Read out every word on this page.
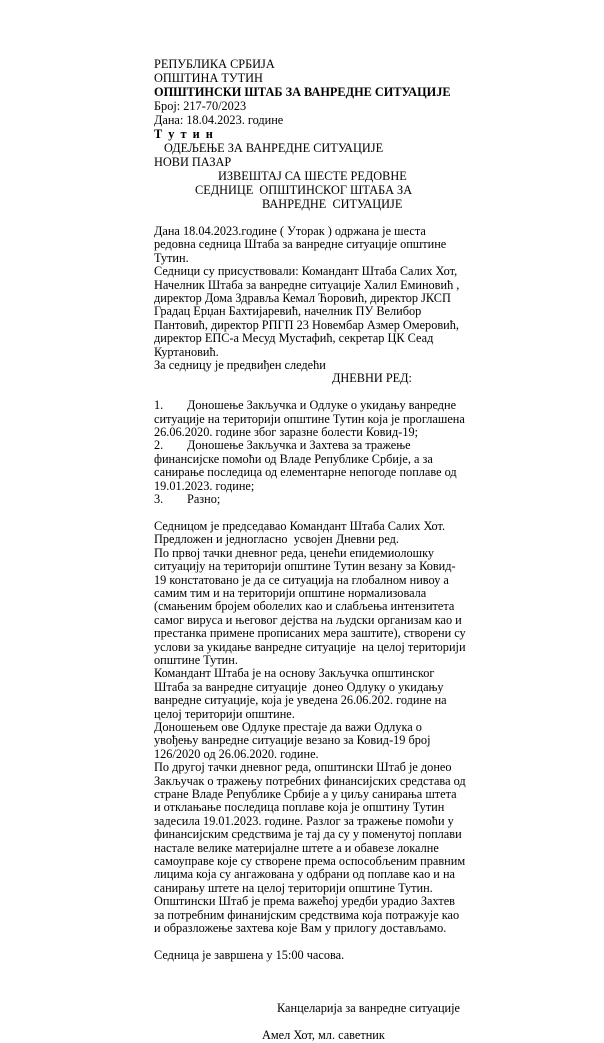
РЕПУБЛИКА СРБИЈА
ОПШТИНА ТУТИН
ОПШТИНСКИ ШТАБ ЗА ВАНРЕДНЕ СИТУАЦИЈЕ
Број: 217-70/2023
Дана: 18.04.2023. године
Т у т и н
ОДЕЉЕЊЕ ЗА ВАНРЕДНЕ СИТУАЦИЈЕ
НОВИ ПАЗАР
ИЗВЕШТАЈ СА ШЕСТЕ РЕДОВНЕ
СЕДНИЦЕ  ОПШТИНСКОГ ШТАБА ЗА
ВАНРЕДНЕ  СИТУАЦИЈЕ

Дана 18.04.2023.године ( Уторак ) одржана је шеста редовна седница Штаба за ванредне ситуације општине Тутин.

Седници су присуствовали: Командант Штаба Салих Хот, Начелник Штаба за ванредне ситуације Халил Еминовић , директор Дома Здравља Кемал Ћоровић, директор ЈКСП Градац Ерџан Бахтијаревић, начелник ПУ Велибор Пантовић, директор РПГП 23 Новембар Азмер Омеровић, директор ЕПС-а Месуд Мустафић, секретар ЦК Сеад Куртановић.

За седницу је предвиђен следећи

ДНЕВНИ РЕД:

1. Доношење Закључка и Одлуке о укидању ванредне ситуације на територији општине Тутин која је проглашена 26.06.2020. године због заразне болести Ковид-19;

2. Доношење Закључка и Захтева за тражење финансијске помоћи од Владе Републике Србије, а за санирање последица од елементарне непогоде поплаве од 19.01.2023. године;

3. Разно;

Седницом је председавао Командант Штаба Салих Хот.

Предложен и једногласно  усвојен Дневни ред.

По првој тачки дневног реда, ценећи епидемиолошку ситуацију на територији општине Тутин везану за Ковид- 19 констатовано је да се ситуација на глобалном нивоу а самим тим и на територији општине нормализовала (смањеним бројем оболелих као и слабљења интензитета самог вируса и његовог дејства на људски организам као и престанка примене прописаних мера заштите), створени су услови за укидање ванредне ситуације  на целој територији општине Тутин.

Командант Штаба је на основу Закључка општинског Штаба за ванредне ситуације  донео Одлуку о укидању ванредне ситуације, која је уведена 26.06.202. године на целој територији општине.

Доношењем ове Одлуке престаје да важи Одлука о увођењу ванредне ситуације везано за Ковид-19 број 126/2020 од 26.06.2020. године.

По другој тачки дневног реда, општински Штаб је донео Закључак о тражењу потребних финансијских средстава од стране Владе Републике Србије а у циљу санирања штета и отклањање последица поплаве која је општину Тутин задесила 19.01.2023. године. Разлог за тражење помоћи у финансијским средствима је тај да су у поменутој поплави настале велике материјалне штете а и обавезе локалне самоуправе које су створене према оспособљеним правним лицима која су ангажована у одбрани од поплаве као и на санирању штете на целој територији општине Тутин.

Општински Штаб је према важећој уредби урадио Захтев за потребним финанијским средствима која потражује као и образложење захтева које Вам у прилогу достављамо.

Седница је завршена у 15:00 часова.

Канцеларија за ванредне ситуације

Амел Хот, мл. саветник
